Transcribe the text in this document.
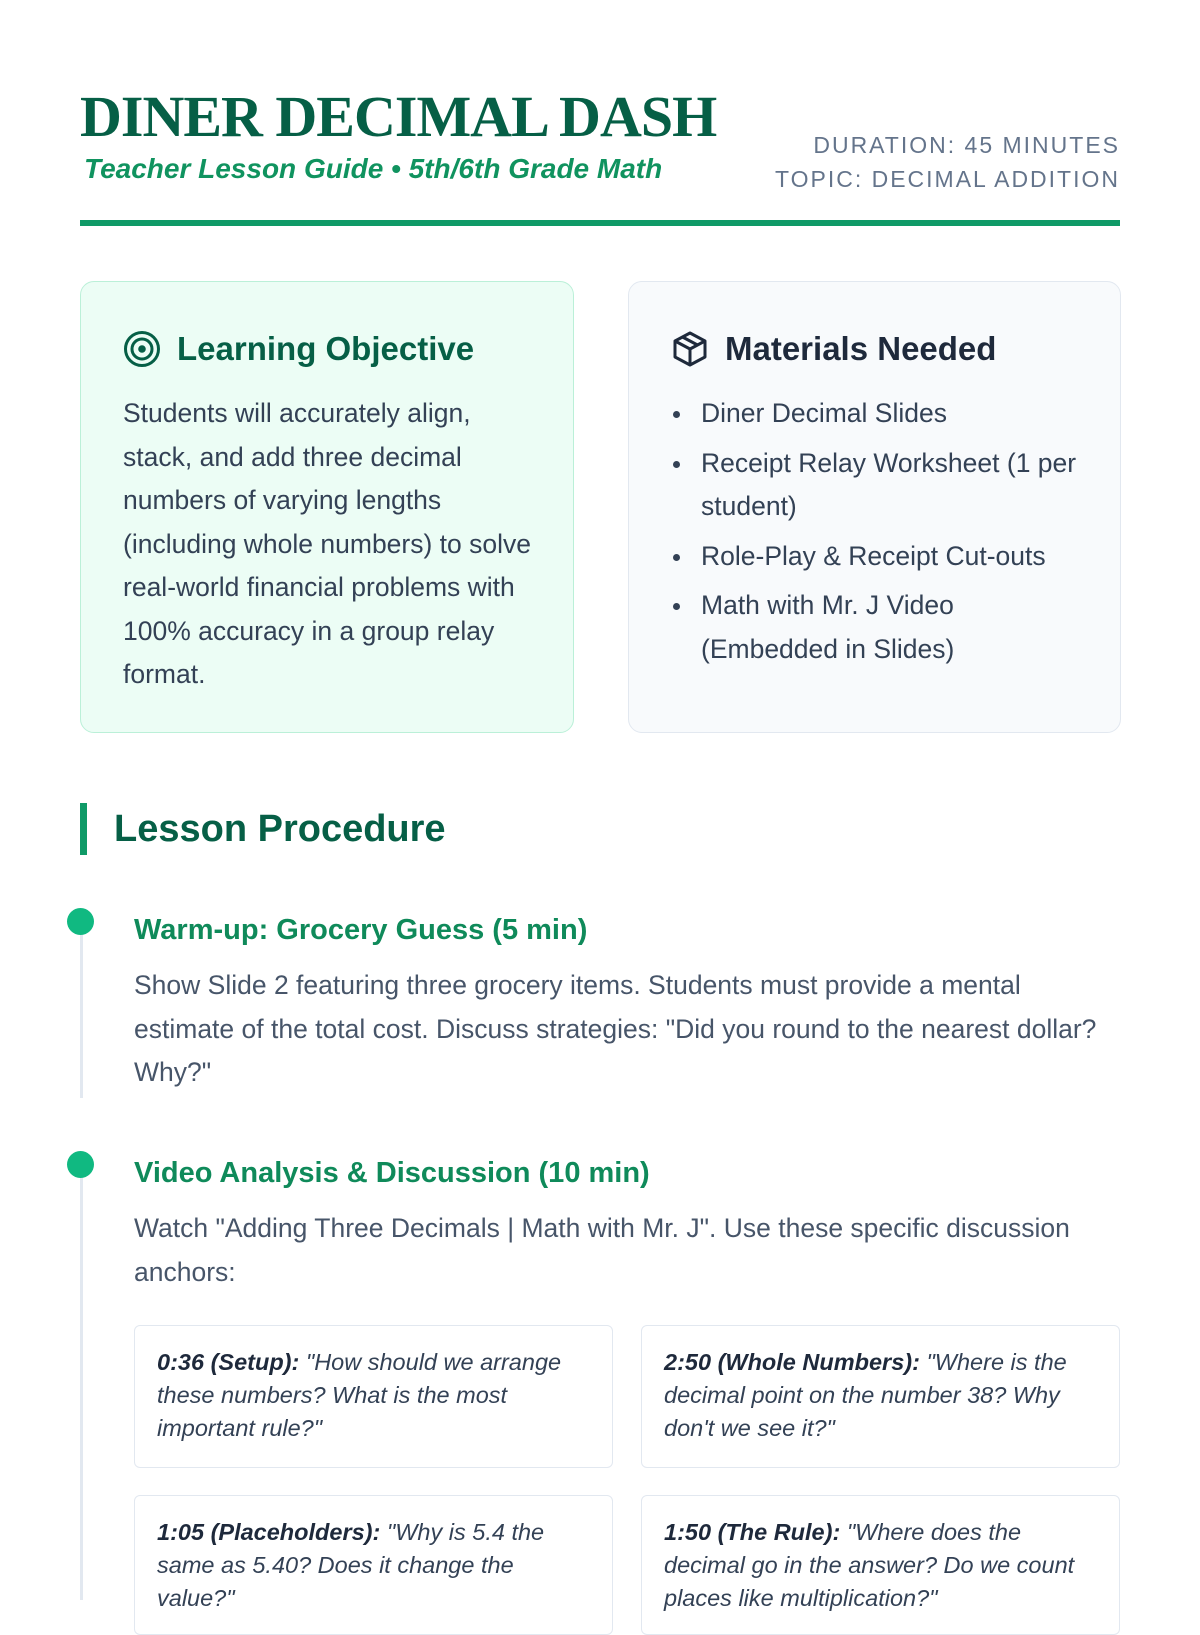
DINER DECIMAL DASH

Teacher Lesson Guide • 5th/6th Grade Math

DURATION: 45 MINUTES
TOPIC: DECIMAL ADDITION
Learning Objective

Students will accurately align, stack, and add three decimal numbers of varying lengths (including whole numbers) to solve real-world financial problems with 100% accuracy in a group relay format.

Materials Needed
Diner Decimal Slides
Receipt Relay Worksheet (1 per student)
Role-Play & Receipt Cut-outs
Math with Mr. J Video (Embedded in Slides)
Lesson Procedure
Warm-up: Grocery Guess (5 min)

Show Slide 2 featuring three grocery items. Students must provide a mental estimate of the total cost. Discuss strategies: "Did you round to the nearest dollar? Why?"

Video Analysis & Discussion (10 min)

Watch "Adding Three Decimals | Math with Mr. J". Use these specific discussion anchors:

0:36 (Setup): "How should we arrange these numbers? What is the most important rule?"
2:50 (Whole Numbers): "Where is the decimal point on the number 38? Why don't we see it?"
1:05 (Placeholders): "Why is 5.4 the same as 5.40? Does it change the value?"
1:50 (The Rule): "Where does the decimal go in the answer? Do we count places like multiplication?"
